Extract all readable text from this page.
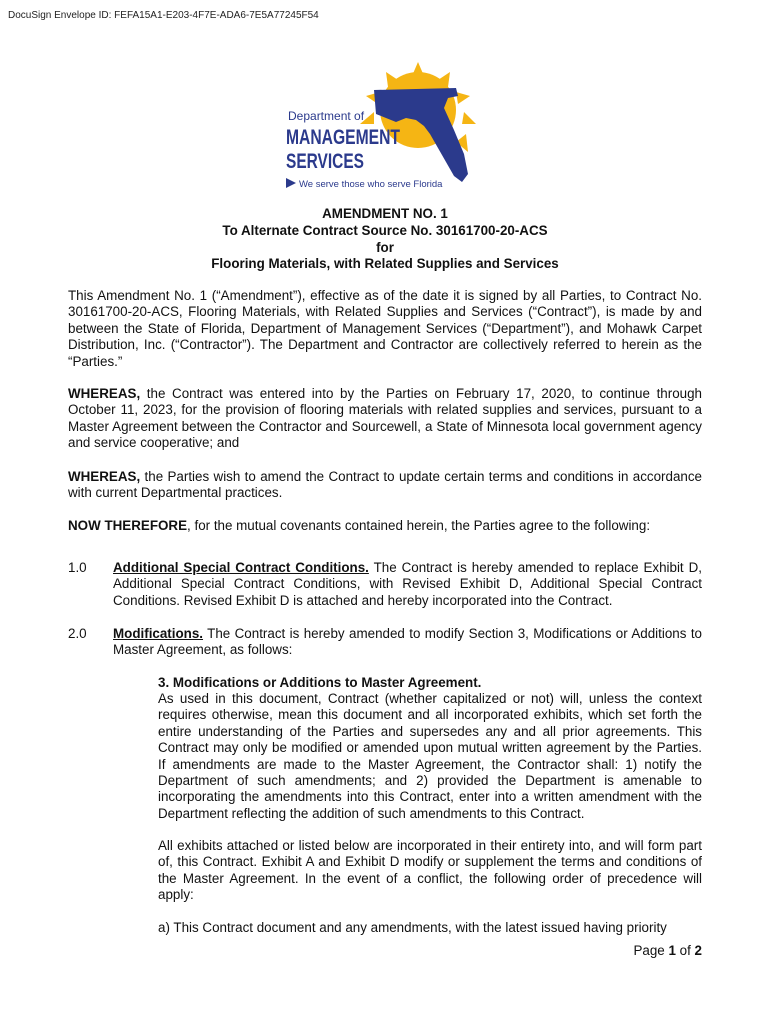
DocuSign Envelope ID: FEFA15A1-E203-4F7E-ADA6-7E5A77245F54
Department of
MANAGEMENT
SERVICES
We serve those who serve Florida
AMENDMENT NO. 1
To Alternate Contract Source No. 30161700-20-ACS
for
Flooring Materials, with Related Supplies and Services

This Amendment No. 1 (“Amendment”), effective as of the date it is signed by all Parties, to Contract No. 30161700-20-ACS, Flooring Materials, with Related Supplies and Services (“Contract”), is made by and between the State of Florida, Department of Management Services (“Department”), and Mohawk Carpet Distribution, Inc. (“Contractor”). The Department and Contractor are collectively referred to herein as the “Parties.”

WHEREAS, the Contract was entered into by the Parties on February 17, 2020, to continue through October 11, 2023, for the provision of flooring materials with related supplies and services, pursuant to a Master Agreement between the Contractor and Sourcewell, a State of Minnesota local government agency and service cooperative; and

WHEREAS, the Parties wish to amend the Contract to update certain terms and conditions in accordance with current Departmental practices.

NOW THEREFORE, for the mutual covenants contained herein, the Parties agree to the following:

1.0 Additional Special Contract Conditions. The Contract is hereby amended to replace Exhibit D, Additional Special Contract Conditions, with Revised Exhibit D, Additional Special Contract Conditions. Revised Exhibit D is attached and hereby incorporated into the Contract.

2.0 Modifications. The Contract is hereby amended to modify Section 3, Modifications or Additions to Master Agreement, as follows:

3. Modifications or Additions to Master Agreement.

As used in this document, Contract (whether capitalized or not) will, unless the context requires otherwise, mean this document and all incorporated exhibits, which set forth the entire understanding of the Parties and supersedes any and all prior agreements. This Contract may only be modified or amended upon mutual written agreement by the Parties. If amendments are made to the Master Agreement, the Contractor shall: 1) notify the Department of such amendments; and 2) provided the Department is amenable to incorporating the amendments into this Contract, enter into a written amendment with the Department reflecting the addition of such amendments to this Contract.

All exhibits attached or listed below are incorporated in their entirety into, and will form part of, this Contract. Exhibit A and Exhibit D modify or supplement the terms and conditions of the Master Agreement. In the event of a conflict, the following order of precedence will apply:

a) This Contract document and any amendments, with the latest issued having priority

Page 1 of 2
